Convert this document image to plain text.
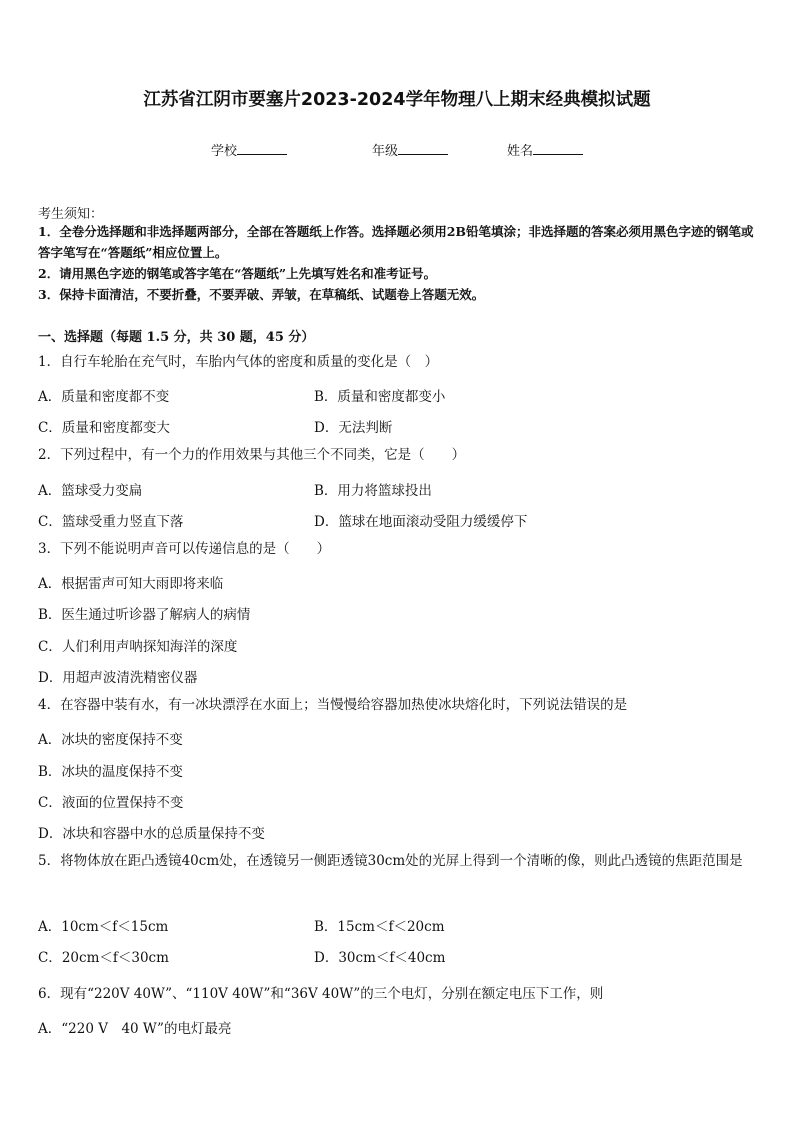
江苏省江阴市要塞片2023-2024学年物理八上期末经典模拟试题
学校	年级	姓名
考生须知：
1．全卷分选择题和非选择题两部分，全部在答题纸上作答。选择题必须用2B铅笔填涂；非选择题的答案必须用黑色字迹的钢笔或答字笔写在“答题纸”相应位置上。
2．请用黑色字迹的钢笔或答字笔在“答题纸”上先填写姓名和准考证号。
3．保持卡面清洁，不要折叠，不要弄破、弄皱，在草稿纸、试题卷上答题无效。
一、选择题（每题 1.5 分，共 30 题，45 分）
1．自行车轮胎在充气时，车胎内气体的密度和质量的变化是（　）
A．质量和密度都不变	B．质量和密度都变小
C．质量和密度都变大	D．无法判断
2．下列过程中，有一个力的作用效果与其他三个不同类，它是（　　）
A．篮球受力变扁	B．用力将篮球投出
C．篮球受重力竖直下落	D．篮球在地面滚动受阻力缓缓停下
3．下列不能说明声音可以传递信息的是（　　）
A．根据雷声可知大雨即将来临
B．医生通过听诊器了解病人的病情
C．人们利用声呐探知海洋的深度
D．用超声波清洗精密仪器
4．在容器中装有水，有一冰块漂浮在水面上；当慢慢给容器加热使冰块熔化时，下列说法错误的是
A．冰块的密度保持不变
B．冰块的温度保持不变
C．液面的位置保持不变
D．冰块和容器中水的总质量保持不变
5．将物体放在距凸透镜40cm处，在透镜另一侧距透镜30cm处的光屏上得到一个清晰的像，则此凸透镜的焦距范围是
A．10cm＜f＜15cm	B．15cm＜f＜20cm
C．20cm＜f＜30cm	D．30cm＜f＜40cm
6．现有“220V 40W”、“110V 40W”和“36V 40W”的三个电灯，分别在额定电压下工作，则
A．“220 V　40 W”的电灯最亮
